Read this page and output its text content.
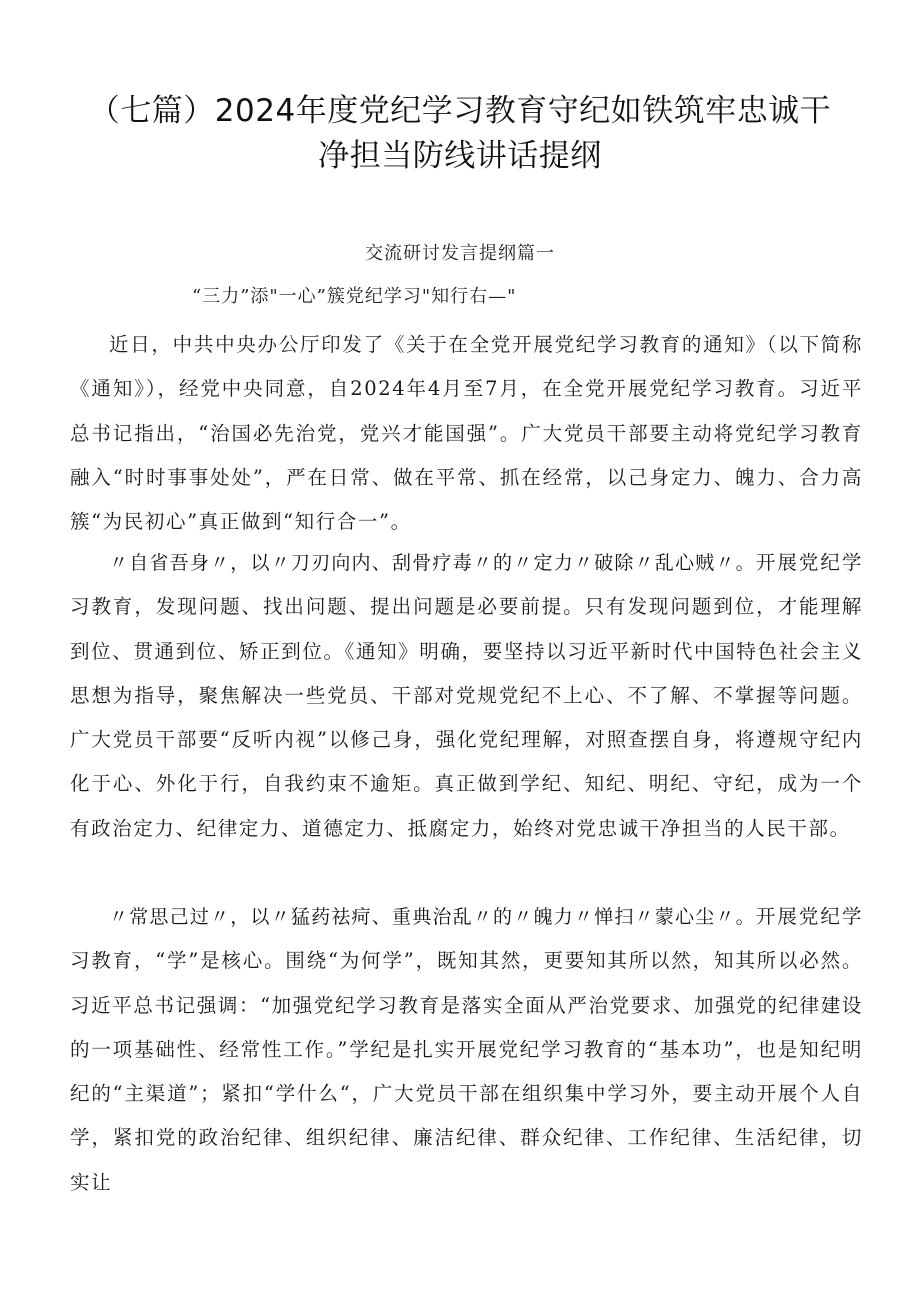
（七篇）2024年度党纪学习教育守纪如铁筑牢忠诚干
净担当防线讲话提纲
交流研讨发言提纲篇一
“三力”添"一心”簇党纪学习"知行右—"

近日，中共中央办公厅印发了《关于在全党开展党纪学习教育的通知》（以下简称《通知》），经党中央同意，自2024年4月至7月，在全党开展党纪学习教育。习近平总书记指出，“治国必先治党，党兴才能国强”。广大党员干部要主动将党纪学习教育融入“时时事事处处”，严在日常、做在平常、抓在经常，以己身定力、魄力、合力高簇“为民初心”真正做到“知行合一”。

〃自省吾身〃，以〃刀刃向内、刮骨疗毒〃的〃定力〃破除〃乱心贼〃。开展党纪学习教育，发现问题、找出问题、提出问题是必要前提。只有发现问题到位，才能理解到位、贯通到位、矫正到位。《通知》明确，要坚持以习近平新时代中国特色社会主义思想为指导，聚焦解决一些党员、干部对党规党纪不上心、不了解、不掌握等问题。广大党员干部要“反听内视”以修己身，强化党纪理解，对照查摆自身，将遵规守纪内化于心、外化于行，自我约束不逾矩。真正做到学纪、知纪、明纪、守纪，成为一个有政治定力、纪律定力、道德定力、抵腐定力，始终对党忠诚干净担当的人民干部。

〃常思己过〃，以〃猛药祛疴、重典治乱〃的〃魄力〃惮扫〃蒙心尘〃。开展党纪学习教育，“学”是核心。围绕“为何学”，既知其然，更要知其所以然，知其所以必然。习近平总书记强调：“加强党纪学习教育是落实全面从严治党要求、加强党的纪律建设的一项基础性、经常性工作。”学纪是扎实开展党纪学习教育的“基本功”，也是知纪明纪的“主渠道”；紧扣“学什么“，广大党员干部在组织集中学习外，要主动开展个人自学，紧扣党的政治纪律、组织纪律、廉洁纪律、群众纪律、工作纪律、生活纪律，切实让
